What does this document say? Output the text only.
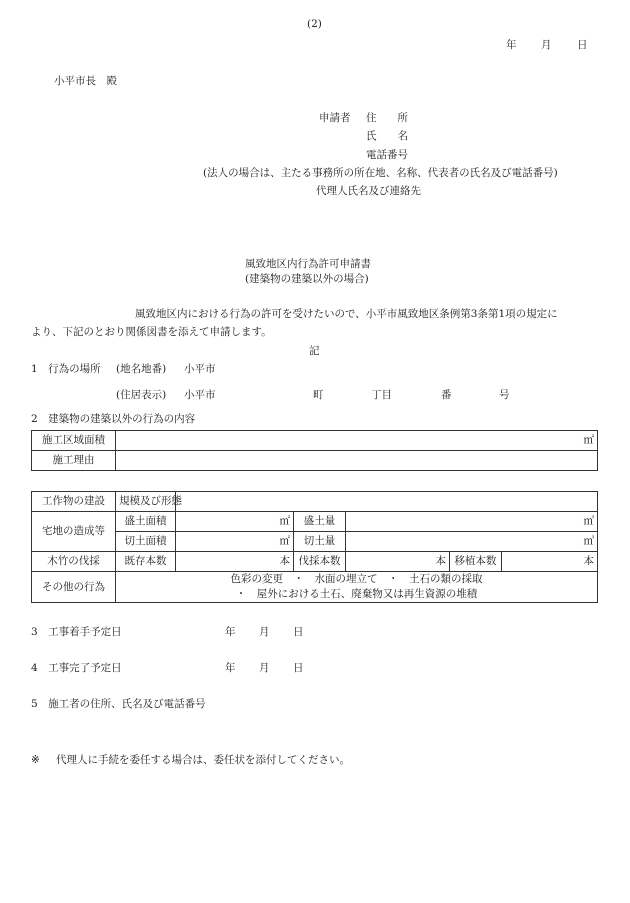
(2)
年 月 日
小平市長　殿
申請者 住　　所
氏　　名
電話番号
(法人の場合は、主たる事務所の所在地、名称、代表者の氏名及び電話番号)
代理人氏名及び連絡先
風致地区内行為許可申請書
(建築物の建築以外の場合)
風致地区内における行為の許可を受けたいので、小平市風致地区条例第3条第1項の規定に
より、下記のとおり関係図書を添えて申請します。
記
1　行為の場所 (地名地番) 小平市
(住居表示) 小平市	町	丁目	番	号
2　建築物の建築以外の行為の内容
施工区域面積	㎡
施工理由	
工作物の建設	規模及び形態					
宅地の造成等	盛土面積	㎡	盛土量	㎥		
	切土面積	㎡	切土量	㎥		
木竹の伐採	既存本数	本	伐採本数	本	移植本数	本
その他の行為	色彩の変更　・　水面の埋立て　・　土石の類の採取
・　屋外における土石、廃棄物又は再生資源の堆積					
3　工事着手予定日	年 月 日
4　工事完了予定日	年 月 日
5　施工者の住所、氏名及び電話番号
※ 代理人に手続を委任する場合は、委任状を添付してください。
